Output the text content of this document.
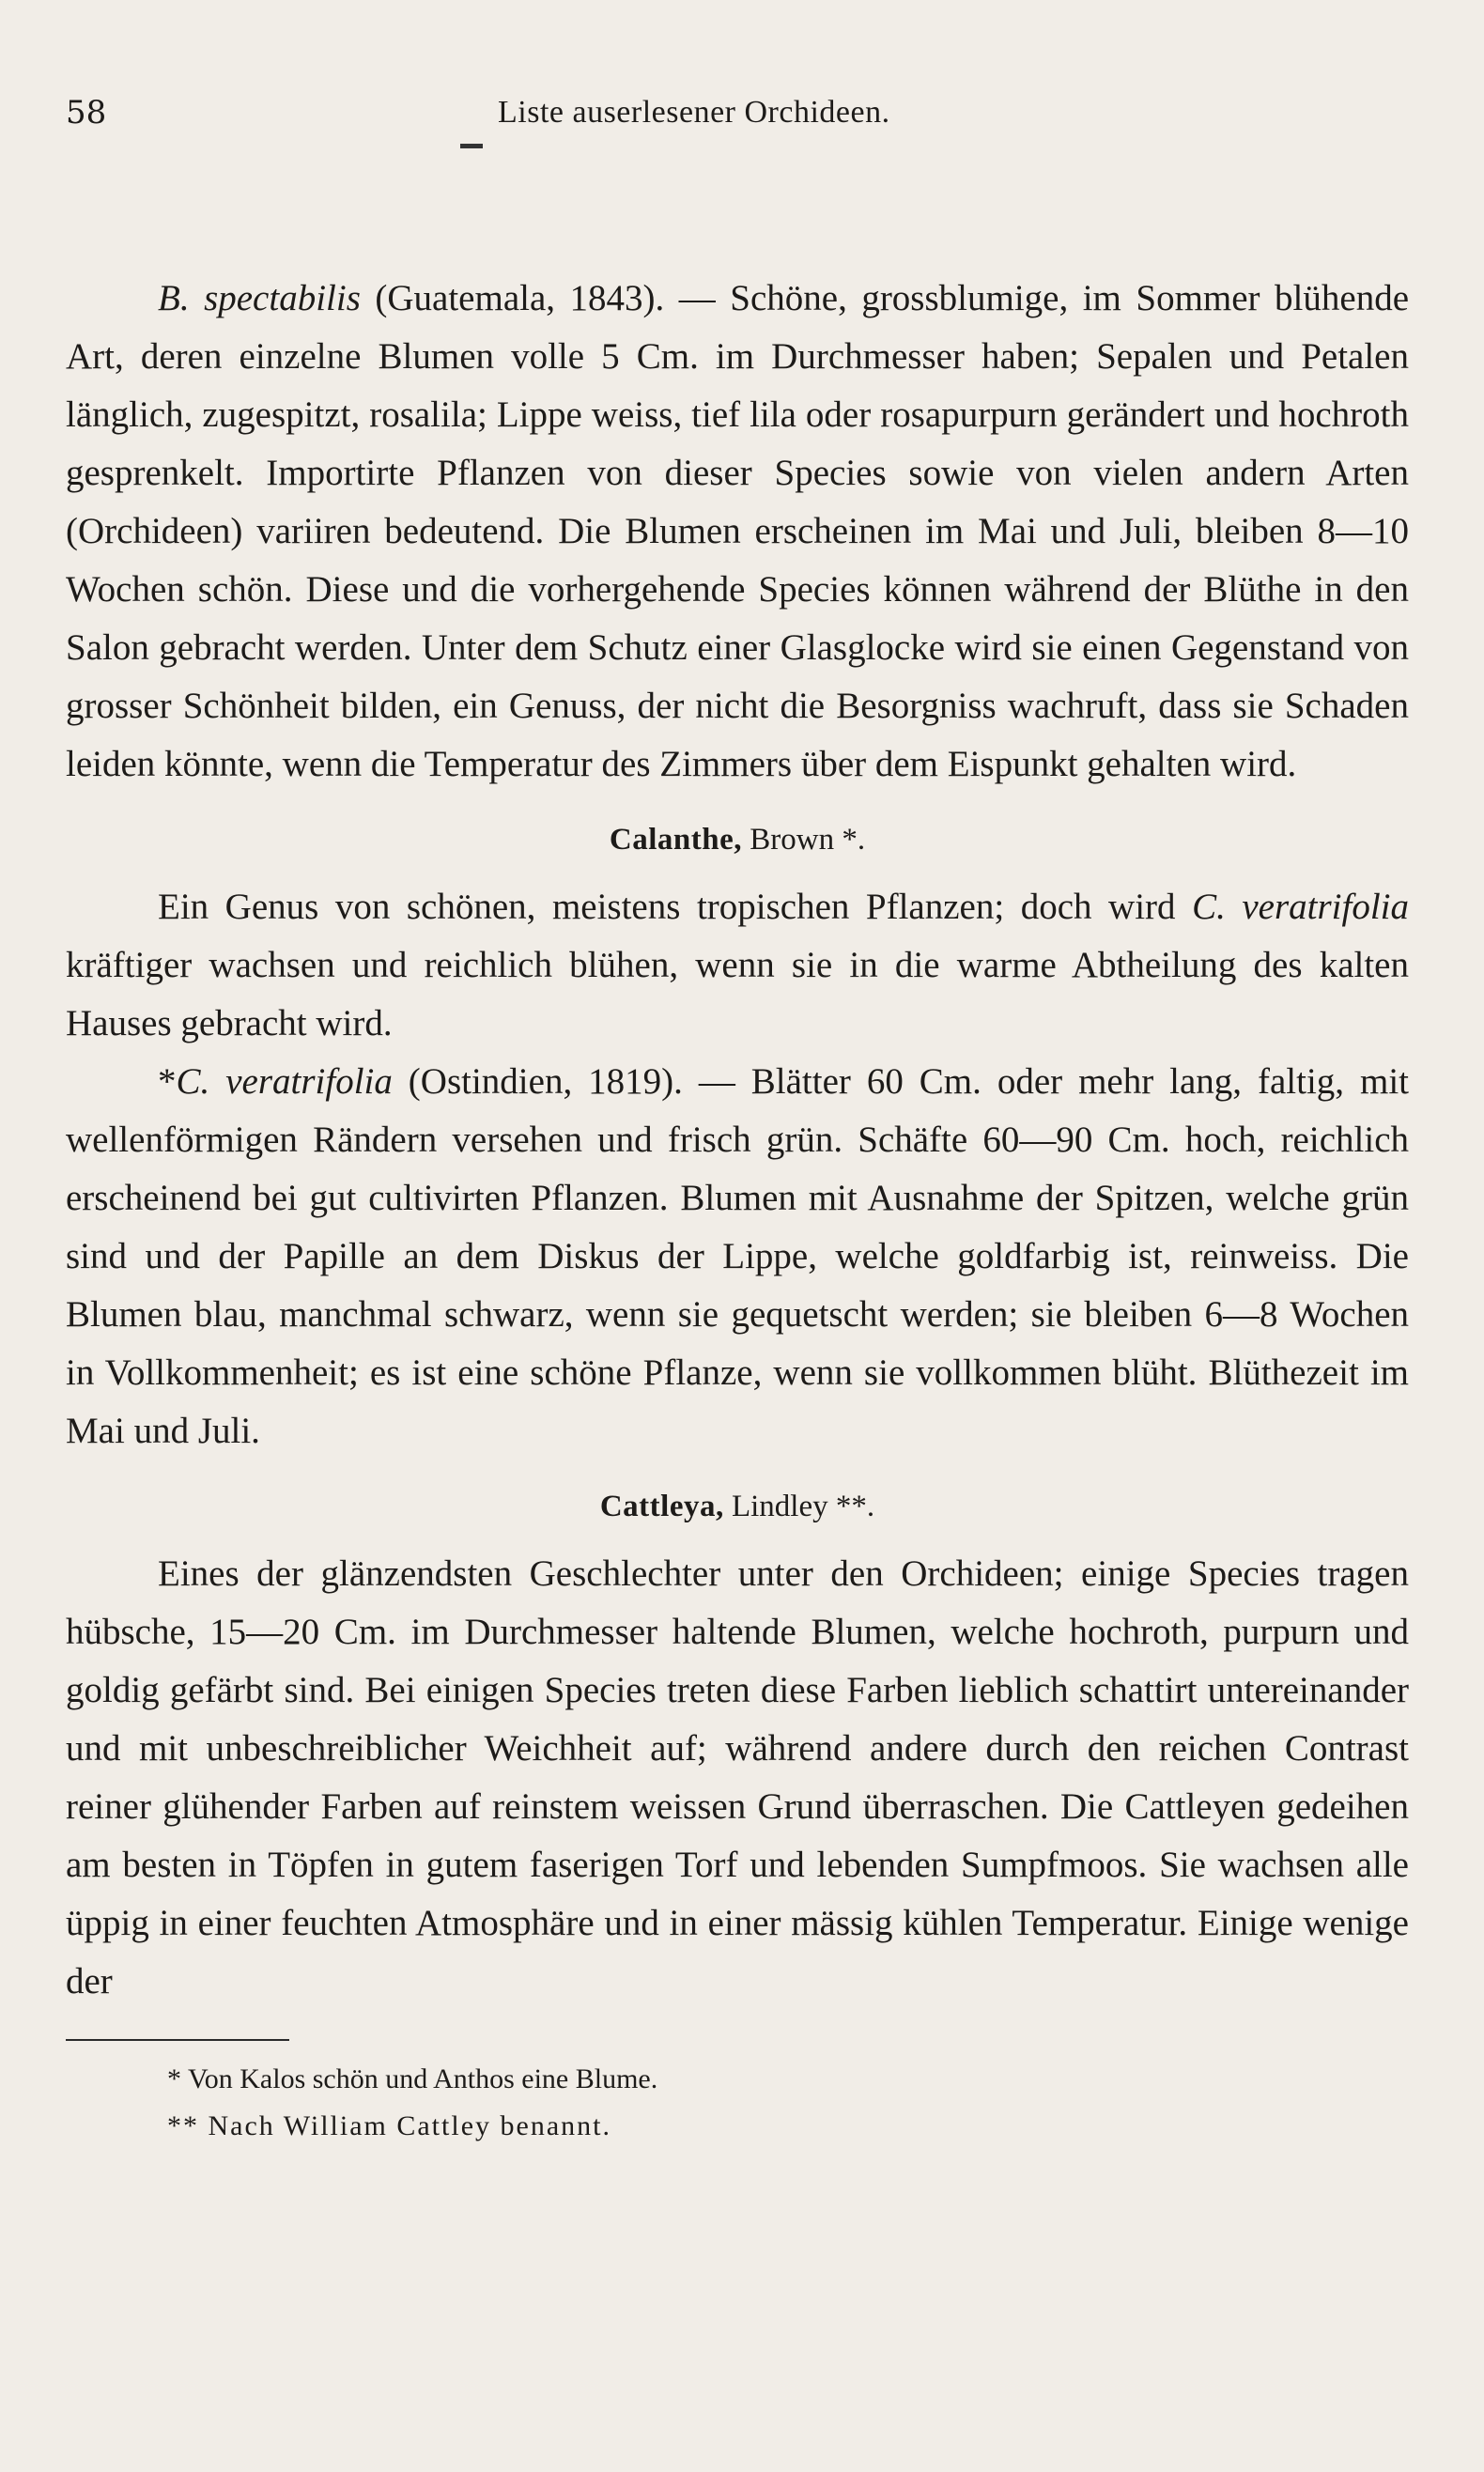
58	Liste auserlesener Orchideen.

B. spectabilis (Guatemala, 1843). — Schöne, grossblumige, im Sommer blühende Art, deren einzelne Blumen volle 5 Cm. im Durchmesser haben; Sepalen und Petalen länglich, zugespitzt, rosalila; Lippe weiss, tief lila oder rosapurpurn gerändert und hochroth gesprenkelt. Importirte Pflanzen von dieser Species sowie von vielen andern Arten (Orchideen) variiren bedeutend. Die Blumen erscheinen im Mai und Juli, bleiben 8—10 Wochen schön. Diese und die vorhergehende Species können während der Blüthe in den Salon gebracht werden. Unter dem Schutz einer Glasglocke wird sie einen Gegenstand von grosser Schönheit bilden, ein Genuss, der nicht die Besorgniss wachruft, dass sie Schaden leiden könnte, wenn die Temperatur des Zimmers über dem Eispunkt gehalten wird.

Calanthe, Brown *.

Ein Genus von schönen, meistens tropischen Pflanzen; doch wird C. veratrifolia kräftiger wachsen und reichlich blühen, wenn sie in die warme Abtheilung des kalten Hauses gebracht wird.

*C. veratrifolia (Ostindien, 1819). — Blätter 60 Cm. oder mehr lang, faltig, mit wellenförmigen Rändern versehen und frisch grün. Schäfte 60—90 Cm. hoch, reichlich erscheinend bei gut cultivirten Pflanzen. Blumen mit Ausnahme der Spitzen, welche grün sind und der Papille an dem Diskus der Lippe, welche goldfarbig ist, reinweiss. Die Blumen blau, manchmal schwarz, wenn sie gequetscht werden; sie bleiben 6—8 Wochen in Vollkommenheit; es ist eine schöne Pflanze, wenn sie vollkommen blüht. Blüthezeit im Mai und Juli.

Cattleya, Lindley **.

Eines der glänzendsten Geschlechter unter den Orchideen; einige Species tragen hübsche, 15—20 Cm. im Durchmesser haltende Blumen, welche hochroth, purpurn und goldig gefärbt sind. Bei einigen Species treten diese Farben lieblich schattirt untereinander und mit unbeschreiblicher Weichheit auf; während andere durch den reichen Contrast reiner glühender Farben auf reinstem weissen Grund überraschen. Die Cattleyen gedeihen am besten in Töpfen in gutem faserigen Torf und lebenden Sumpfmoos. Sie wachsen alle üppig in einer feuchten Atmosphäre und in einer mässig kühlen Temperatur. Einige wenige der

* Von Kalos schön und Anthos eine Blume.

** Nach William Cattley benannt.
